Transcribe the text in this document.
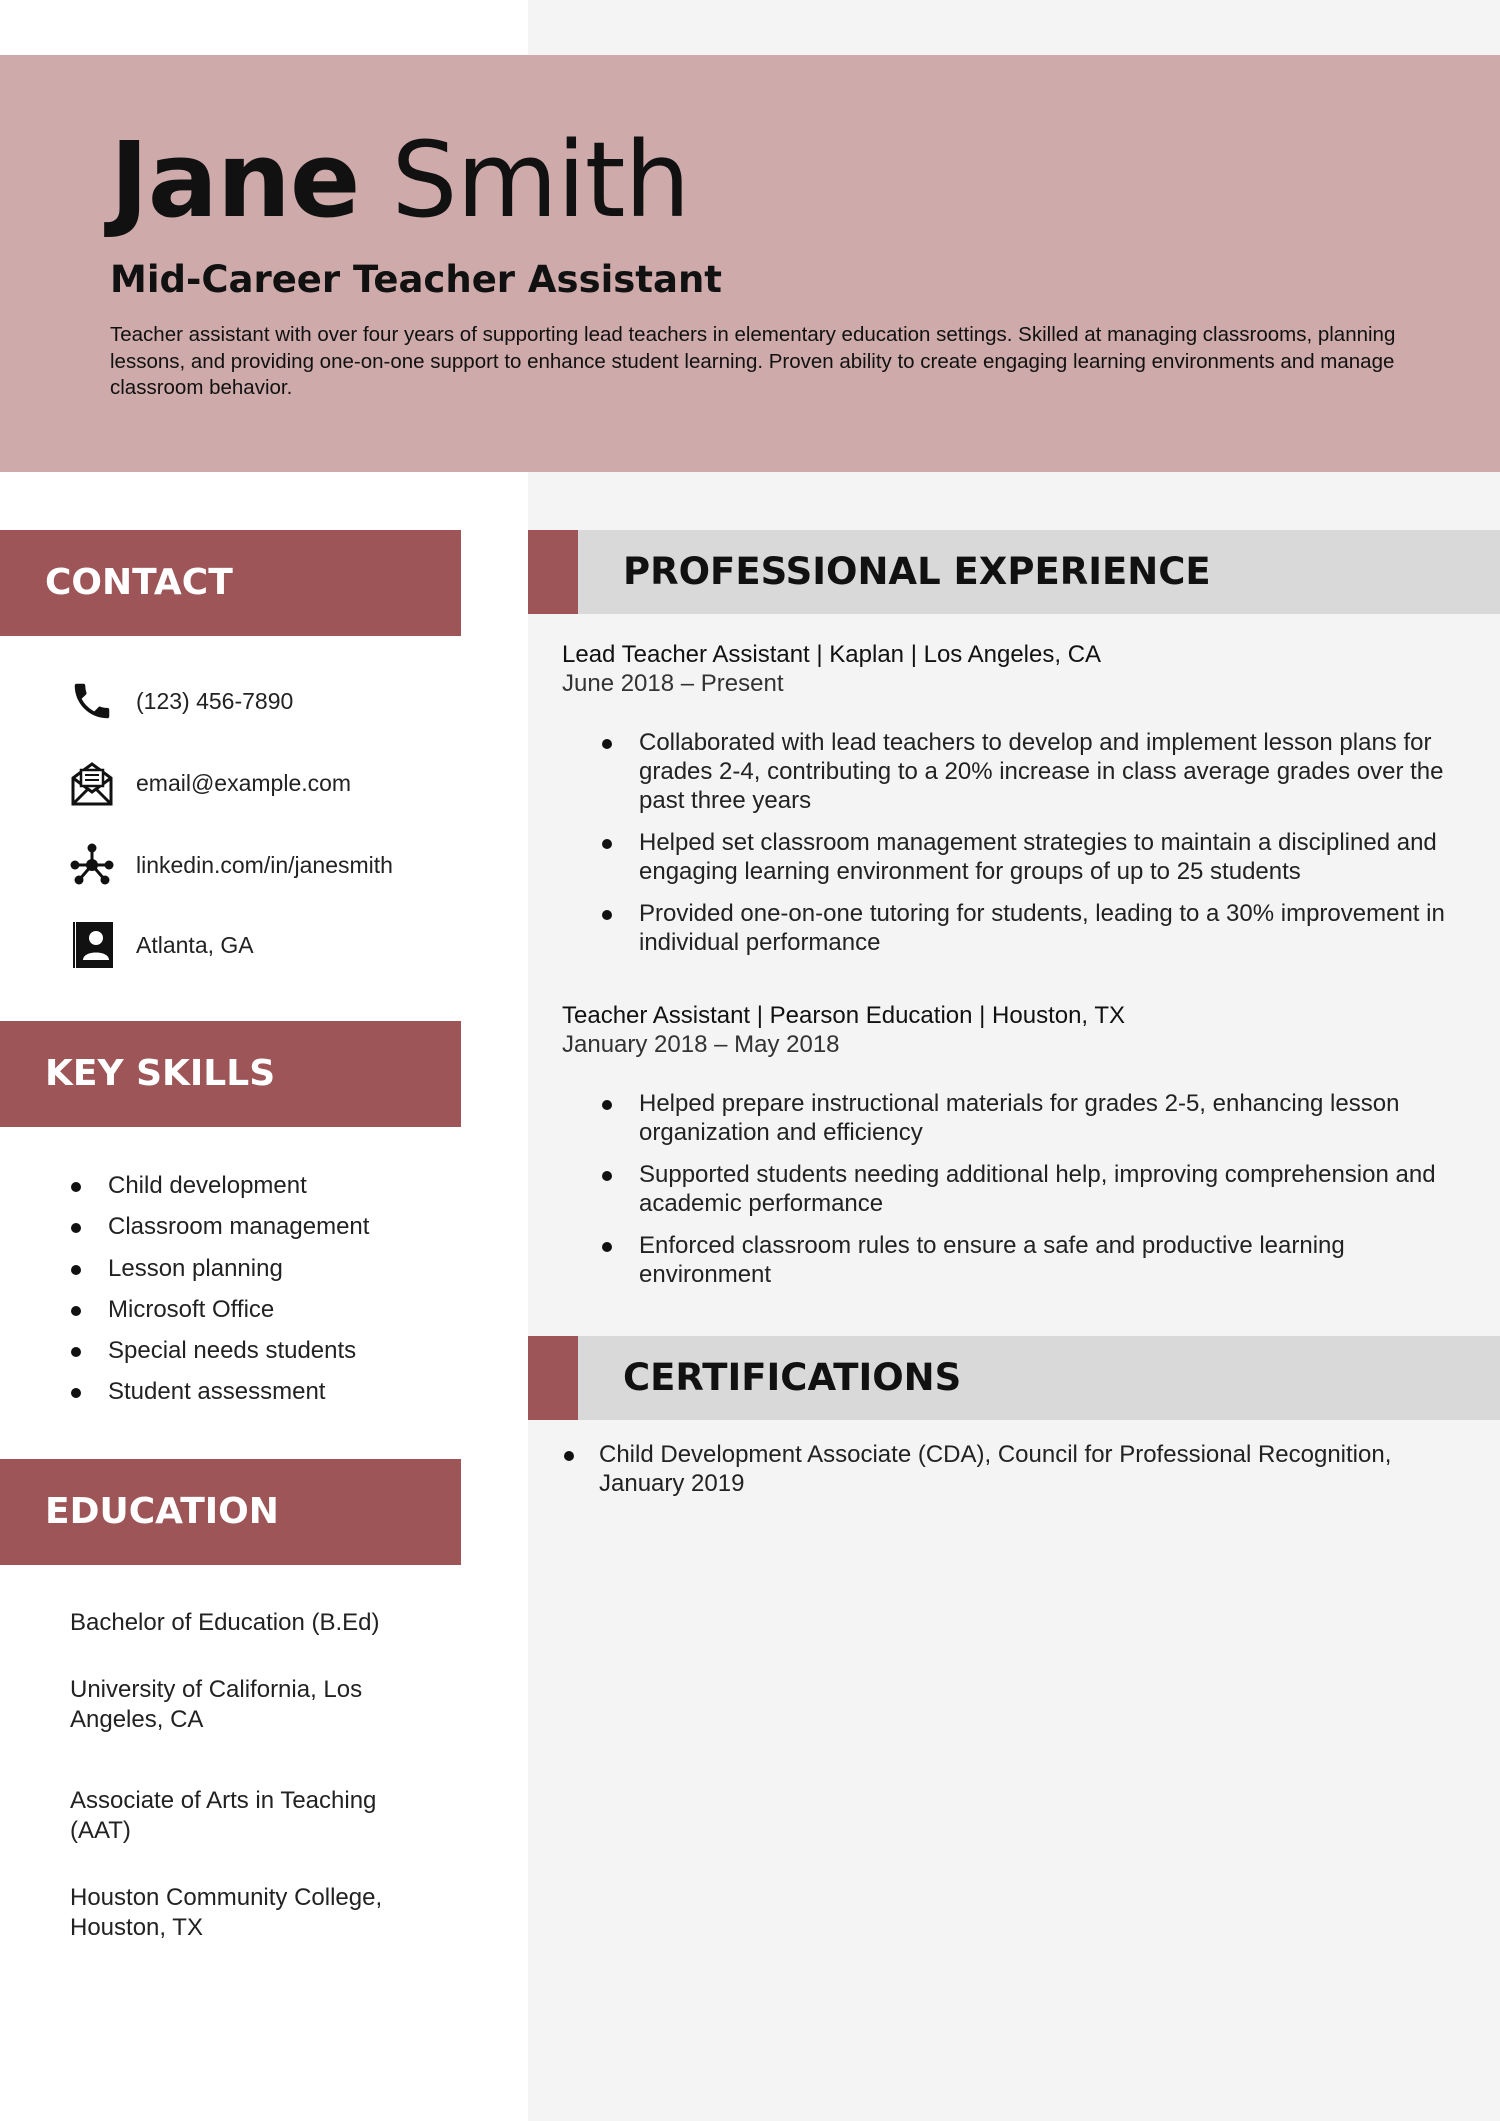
Jane Smith
Mid-Career Teacher Assistant
Teacher assistant with over four years of supporting lead teachers in elementary education settings. Skilled at managing classrooms, planning lessons, and providing one-on-one support to enhance student learning. Proven ability to create engaging learning environments and manage classroom behavior.
CONTACT
(123) 456-7890
email@example.com
linkedin.com/in/janesmith
Atlanta, GA
KEY SKILLS
Child development
Classroom management
Lesson planning
Microsoft Office
Special needs students
Student assessment
EDUCATION
Bachelor of Education (B.Ed)
University of California, Los Angeles, CA
Associate of Arts in Teaching (AAT)
Houston Community College, Houston, TX
PROFESSIONAL EXPERIENCE
Lead Teacher Assistant | Kaplan | Los Angeles, CA
June 2018 – Present
Collaborated with lead teachers to develop and implement lesson plans for grades 2-4, contributing to a 20% increase in class average grades over the past three years
Helped set classroom management strategies to maintain a disciplined and engaging learning environment for groups of up to 25 students
Provided one-on-one tutoring for students, leading to a 30% improvement in individual performance
Teacher Assistant | Pearson Education | Houston, TX
January 2018 – May 2018
Helped prepare instructional materials for grades 2-5, enhancing lesson organization and efficiency
Supported students needing additional help, improving comprehension and academic performance
Enforced classroom rules to ensure a safe and productive learning environment
CERTIFICATIONS
Child Development Associate (CDA), Council for Professional Recognition, January 2019
